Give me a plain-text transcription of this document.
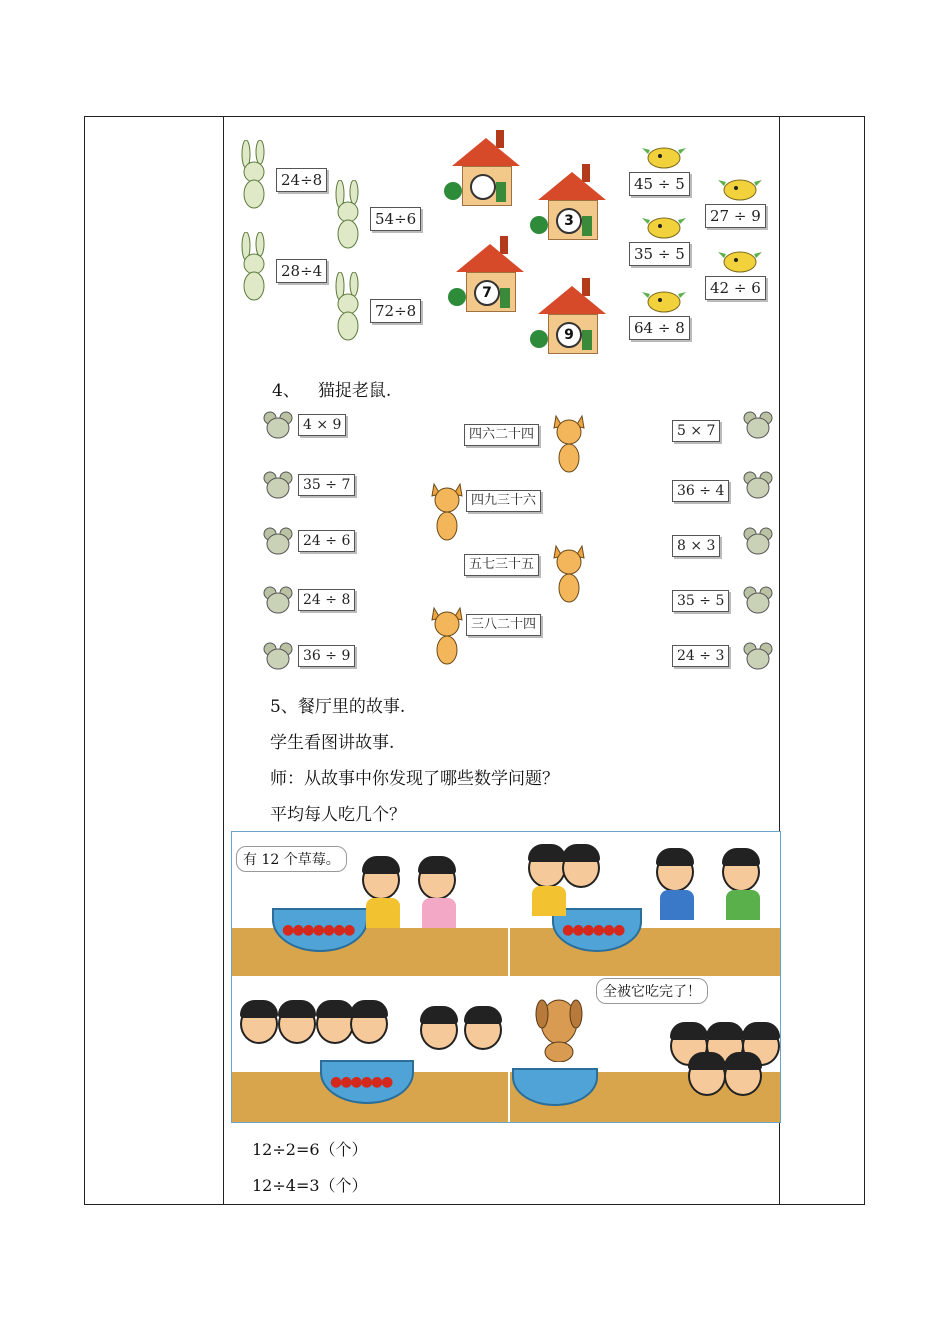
24÷8
54÷6
28÷4
72÷8
3
7
9
45 ÷ 5
27 ÷ 9
35 ÷ 5
42 ÷ 6
64 ÷ 8
4、 猫捉老鼠.
4 × 9
35 ÷ 7
24 ÷ 6
24 ÷ 8
36 ÷ 9
四六二十四
四九三十六
五七三十五
三八二十四
5 × 7
36 ÷ 4
8 × 3
35 ÷ 5
24 ÷ 3
5、餐厅里的故事.
学生看图讲故事.
师：从故事中你发现了哪些数学问题？
平均每人吃几个？
有 12 个草莓。
●●●●●●●	●●●●●●
●●●●●●
全被它吃完了！
12÷2=6（个）
12÷4=3（个）
